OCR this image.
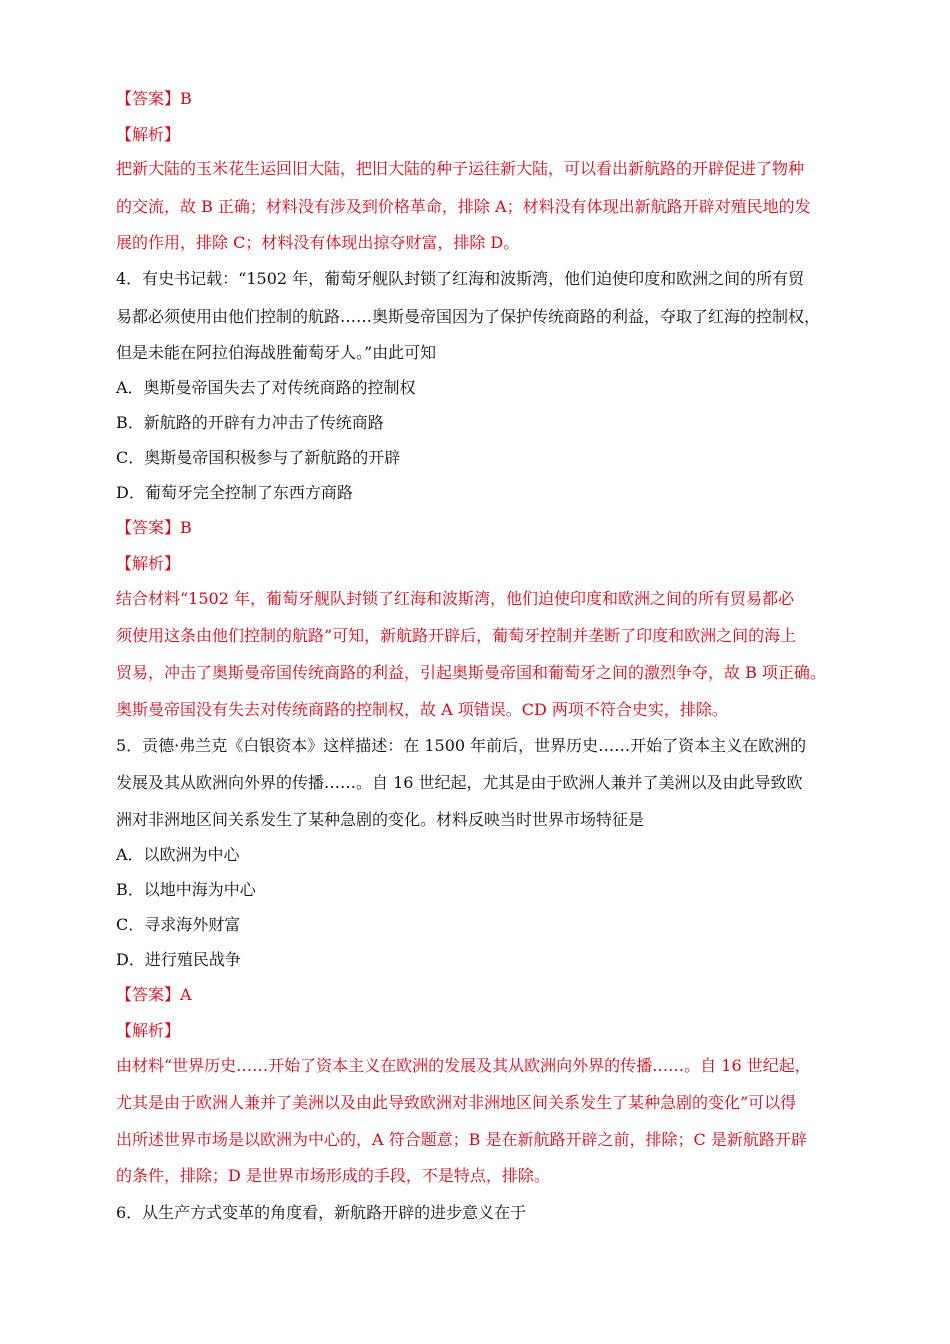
【答案】B
【解析】
把新大陆的玉米花生运回旧大陆，把旧大陆的种子运往新大陆，可以看出新航路的开辟促进了物种
的交流，故 B 正确；材料没有涉及到价格革命，排除 A；材料没有体现出新航路开辟对殖民地的发
展的作用，排除 C；材料没有体现出掠夺财富，排除 D。
4．有史书记载：“1502 年，葡萄牙舰队封锁了红海和波斯湾，他们迫使印度和欧洲之间的所有贸
易都必须使用由他们控制的航路……奥斯曼帝国因为了保护传统商路的利益，夺取了红海的控制权，
但是未能在阿拉伯海战胜葡萄牙人。”由此可知
A．奥斯曼帝国失去了对传统商路的控制权
B．新航路的开辟有力冲击了传统商路
C．奥斯曼帝国积极参与了新航路的开辟
D．葡萄牙完全控制了东西方商路
【答案】B
【解析】
结合材料“1502 年，葡萄牙舰队封锁了红海和波斯湾，他们迫使印度和欧洲之间的所有贸易都必
须使用这条由他们控制的航路”可知，新航路开辟后，葡萄牙控制并垄断了印度和欧洲之间的海上
贸易，冲击了奥斯曼帝国传统商路的利益，引起奥斯曼帝国和葡萄牙之间的激烈争夺，故 B 项正确。
奥斯曼帝国没有失去对传统商路的控制权，故 A 项错误。CD 两项不符合史实，排除。
5．贡德·弗兰克《白银资本》这样描述：在 1500 年前后，世界历史……开始了资本主义在欧洲的
发展及其从欧洲向外界的传播……。自 16 世纪起，尤其是由于欧洲人兼并了美洲以及由此导致欧
洲对非洲地区间关系发生了某种急剧的变化。材料反映当时世界市场特征是
A．以欧洲为中心
B．以地中海为中心
C．寻求海外财富
D．进行殖民战争
【答案】A
【解析】
由材料“世界历史……开始了资本主义在欧洲的发展及其从欧洲向外界的传播……。自 16 世纪起，
尤其是由于欧洲人兼并了美洲以及由此导致欧洲对非洲地区间关系发生了某种急剧的变化”可以得
出所述世界市场是以欧洲为中心的，A 符合题意；B 是在新航路开辟之前，排除；C 是新航路开辟
的条件，排除；D 是世界市场形成的手段，不是特点，排除。
6．从生产方式变革的角度看，新航路开辟的进步意义在于
